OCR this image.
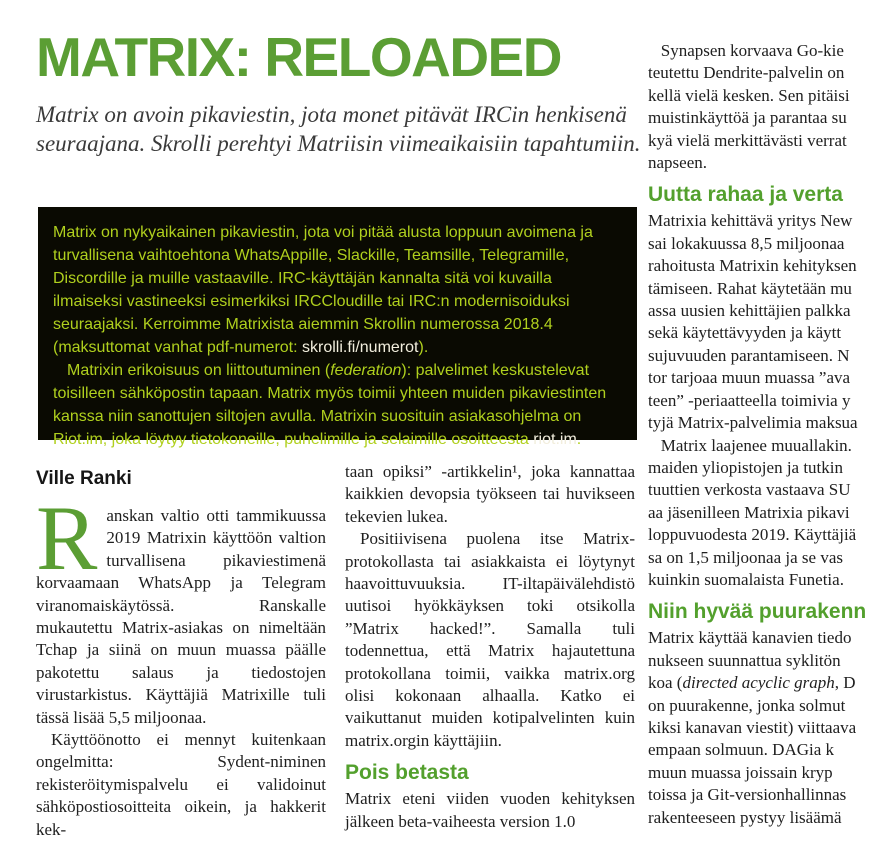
MATRIX: RELOADED

Matrix on avoin pikaviestin, jota monet pitävät IRCin henkisenä seuraajana. Skrolli perehtyi Matriisin viimeaikaisiin tapahtumiin.

Matrix on nykyaikainen pikaviestin, jota voi pitää alusta loppuun avoimena ja turvallisena vaihtoehtona WhatsAppille, Slackille, Teamsille, Telegramille, Discordille ja muille vastaaville. IRC-käyttäjän kannalta sitä voi kuvailla ilmaiseksi vastineeksi esimerkiksi IRCCloudille tai IRC:n modernisoiduksi seuraajaksi. Kerroimme Matrixista aiemmin Skrollin numerossa 2018.4 (maksuttomat vanhat pdf-numerot: skrolli.fi/numerot).

Matrixin erikoisuus on liittoutuminen (federation): palvelimet keskustelevat toisilleen sähköpostin tapaan. Matrix myös toimii yhteen muiden pikaviestinten kanssa niin sanottujen siltojen avulla. Matrixin suosituin asiakasohjelma on Riot.im, joka löytyy tietokoneille, puhelimille ja selaimille osoitteesta riot.im.

Ville Ranki

Ranskan valtio otti tammikuussa 2019 Matrixin käyttöön valtion turvallisena pikaviestimenä korvaamaan WhatsApp ja Telegram viranomaiskäytössä. Ranskalle mukautettu Matrix-asiakas on nimeltään Tchap ja siinä on muun muassa päälle pakotettu salaus ja tiedostojen virustarkistus. Käyttäjiä Matrixille tuli tässä lisää 5,5 miljoonaa.

Käyttöönotto ei mennyt kuitenkaan ongelmitta: Sydent-niminen rekisteröitymispalvelu ei validoinut sähköpostiosoitteita oikein, ja hakkerit kek-

taan opiksi” -artikkelin¹, joka kannattaa kaikkien devopsia työkseen tai huvikseen tekevien lukea.

Positiivisena puolena itse Matrix-protokollasta tai asiakkaista ei löytynyt haavoittuvuuksia. IT-iltapäivälehdistö uutisoi hyökkäyksen toki otsikolla ”Matrix hacked!”. Samalla tuli todennettua, että Matrix hajautettuna protokollana toimii, vaikka matrix.org olisi kokonaan alhaalla. Katko ei vaikuttanut muiden kotipalvelinten kuin matrix.orgin käyttäjiin.

Pois betasta

Matrix eteni viiden vuoden kehityksen jälkeen beta-vaiheesta version 1.0

Synapsen korvaava Go-kie
teutettu Dendrite-palvelin on
kellä vielä kesken. Sen pitäisi
muistinkäyttöä ja parantaa su
kyä vielä merkittävästi verrat
napseen.
Uutta rahaa ja verta
Matrixia kehittävä yritys New
sai lokakuussa 8,5 miljoonaa
rahoitusta Matrixin kehityksen
tämiseen. Rahat käytetään mu
assa uusien kehittäjien palkka
sekä käytettävyyden ja käytt
sujuvuuden parantamiseen. N
tor tarjoaa muun muassa ”ava
teen” -periaatteella toimivia y
tyjä Matrix-palvelimia maksua
Matrix laajenee muuallakin.
maiden yliopistojen ja tutkin
tuuttien verkosta vastaava SU
aa jäsenilleen Matrixia pikavi
loppuvuodesta 2019. Käyttäjiä
sa on 1,5 miljoonaa ja se vas
kuinkin suomalaista Funetia.
Niin hyvää puurakenn
Matrix käyttää kanavien tiedo
nukseen suunnattua syklitön
koa (directed acyclic graph, D
on puurakenne, jonka solmut
kiksi kanavan viestit) viittaava
empaan solmuun. DAGia k
muun muassa joissain kryp
toissa ja Git-versionhallinnas
rakenteeseen pystyy lisäämä
